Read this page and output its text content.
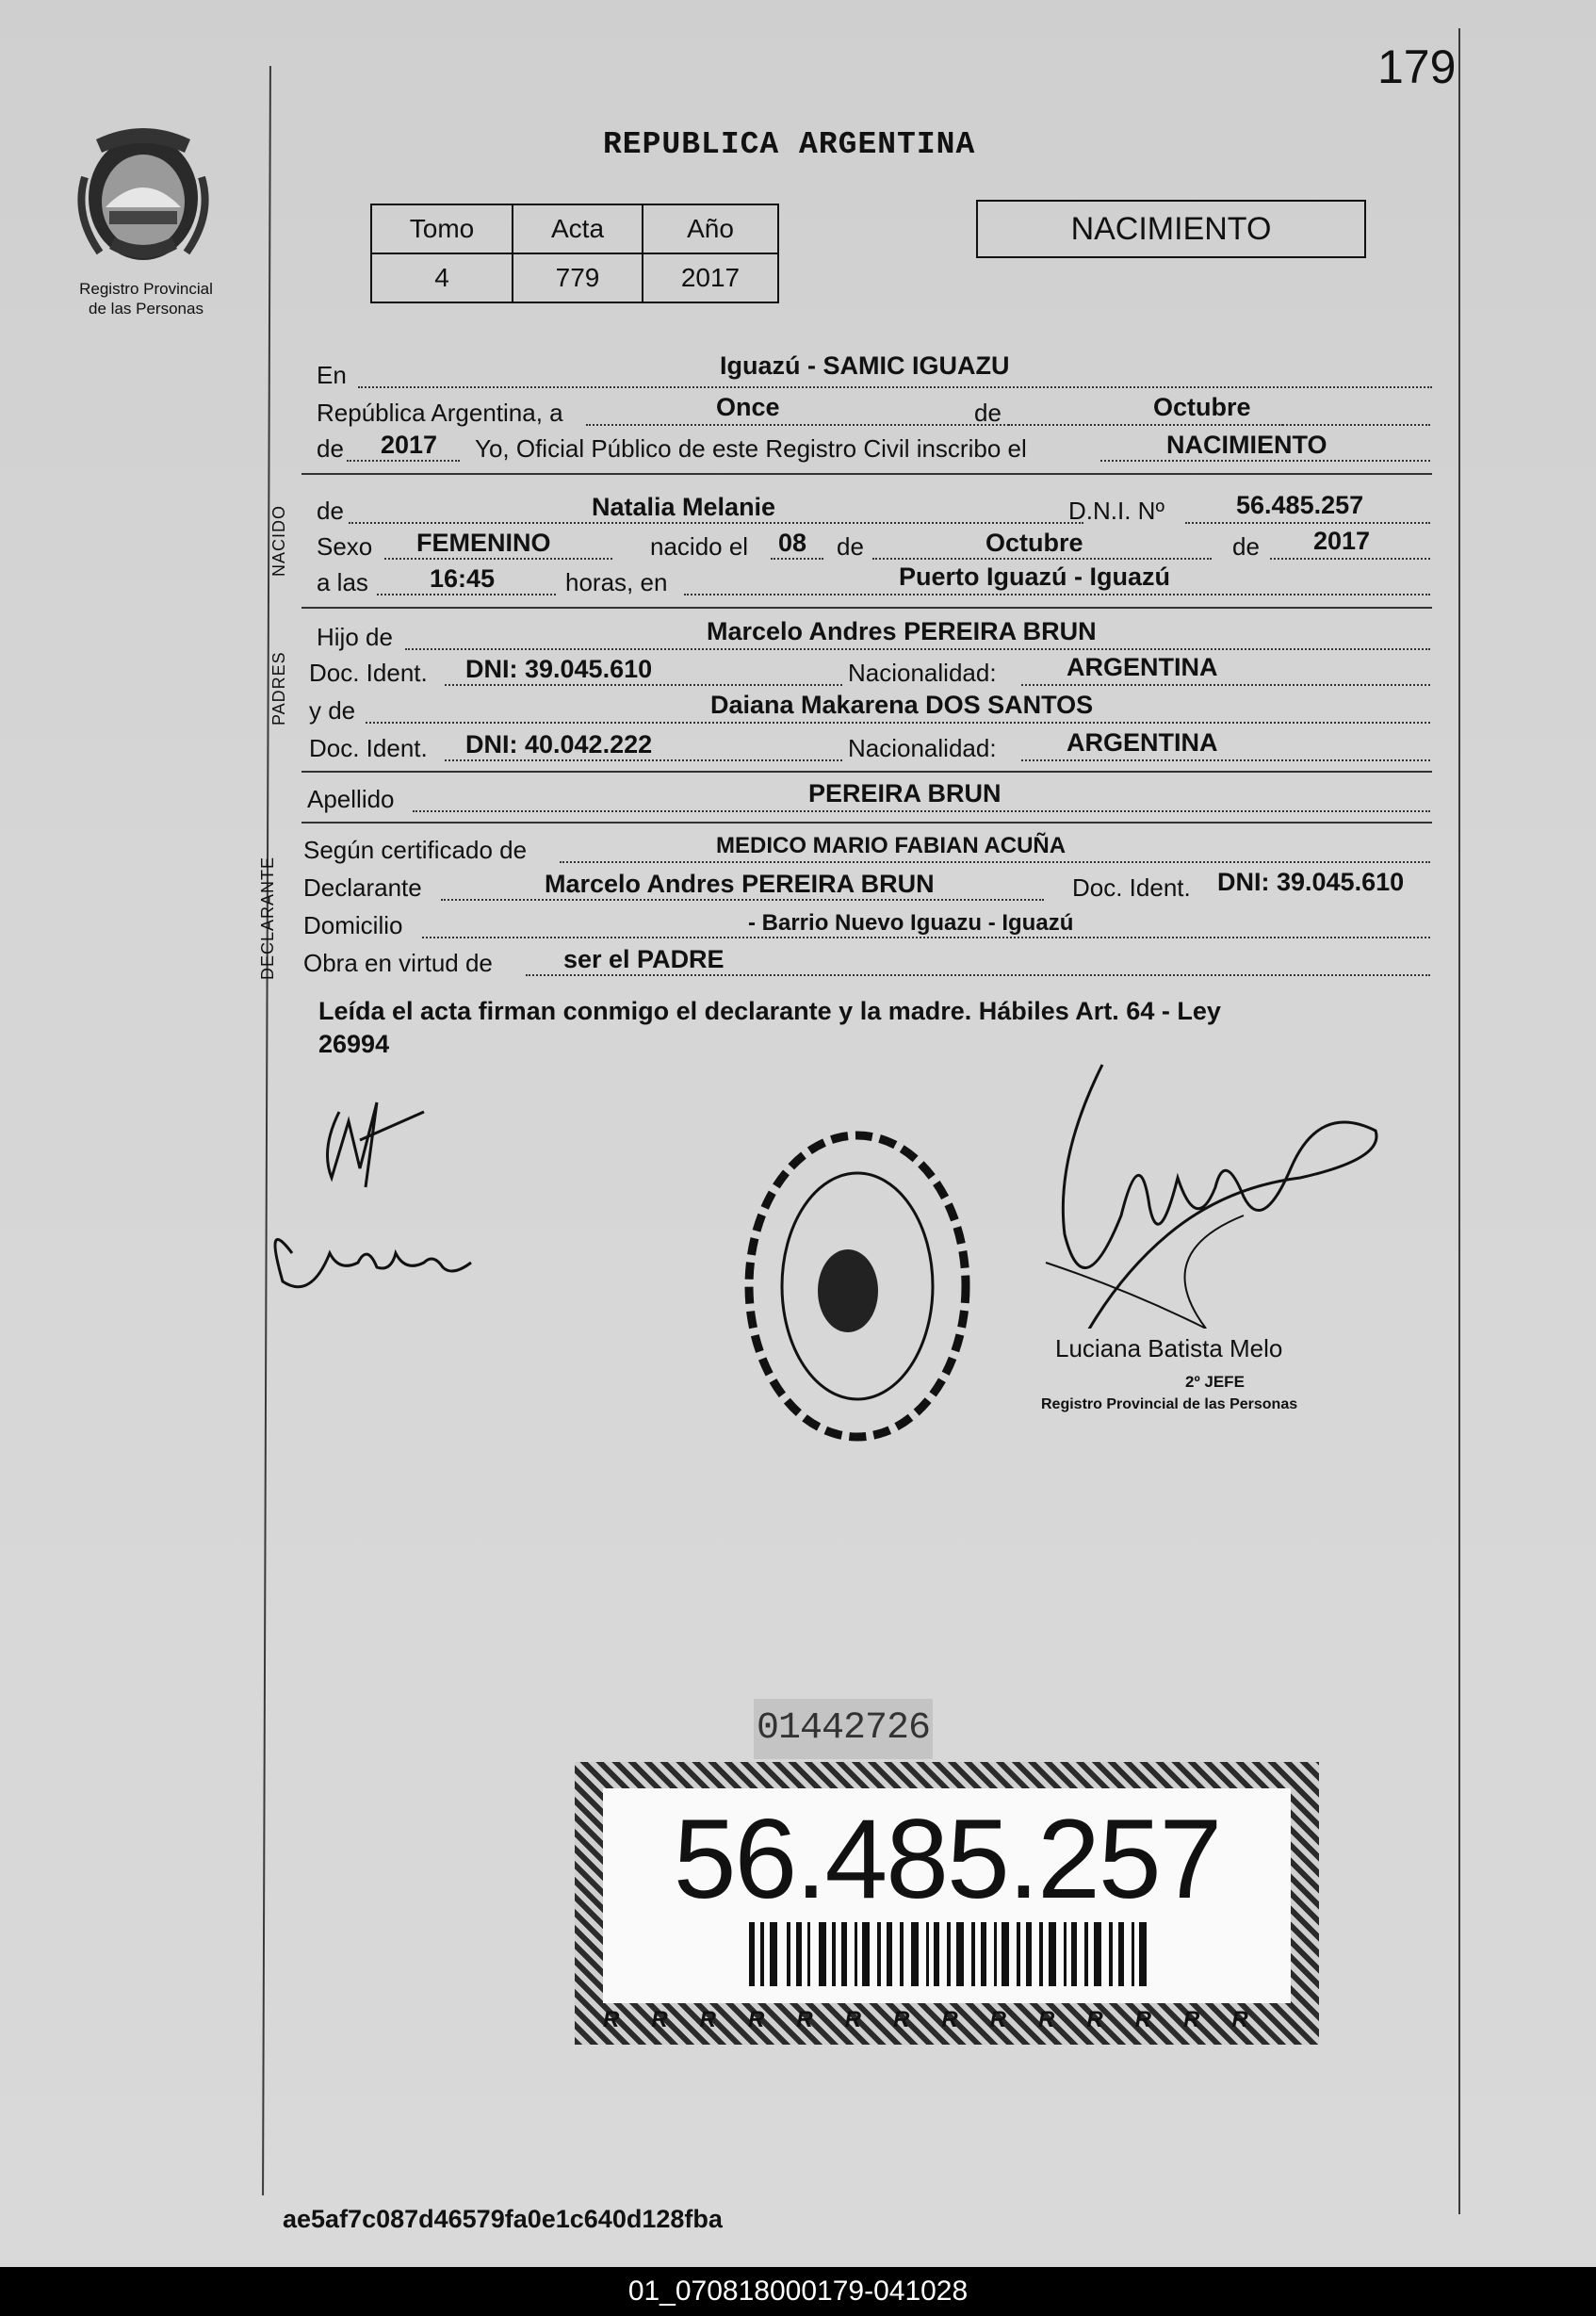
179
Registro Provincial
de las Personas
REPUBLICA ARGENTINA
Tomo	Acta	Año
4	779	2017
NACIMIENTO
En	Iguazú - SAMIC IGUAZU
República Argentina, a	Once	de	Octubre
de 2017 Yo, Oficial Público de este Registro Civil inscribo el	NACIMIENTO
NACIDO de	Natalia Melanie	D.N.I. Nº	56.485.257
Sexo FEMENINO	nacido el 08 de	Octubre	de 2017
a las 16:45	horas, en	Puerto Iguazú - Iguazú
PADRES
Hijo de	Marcelo Andres PEREIRA BRUN
Doc. Ident. DNI: 39.045.610	Nacionalidad:	ARGENTINA
y de	Daiana Makarena DOS SANTOS
Doc. Ident. DNI: 40.042.222	Nacionalidad:	ARGENTINA
Apellido	PEREIRA BRUN
DECLARANTE
Según certificado de	MEDICO MARIO FABIAN ACUÑA
Declarante	Marcelo Andres PEREIRA BRUN	Doc. Ident. DNI: 39.045.610
Domicilio	- Barrio Nuevo Iguazu - Iguazú
Obra en virtud de	ser el PADRE
Leída el acta firman conmigo el declarante y la madre. Hábiles Art. 64 - Ley
26994
Luciana Batista Melo
2º JEFE
Registro Provincial de las Personas
01442726
56.485.257
RRRRRRRRRRRRRR
ae5af7c087d46579fa0e1c640d128fba
01_070818000179-041028
